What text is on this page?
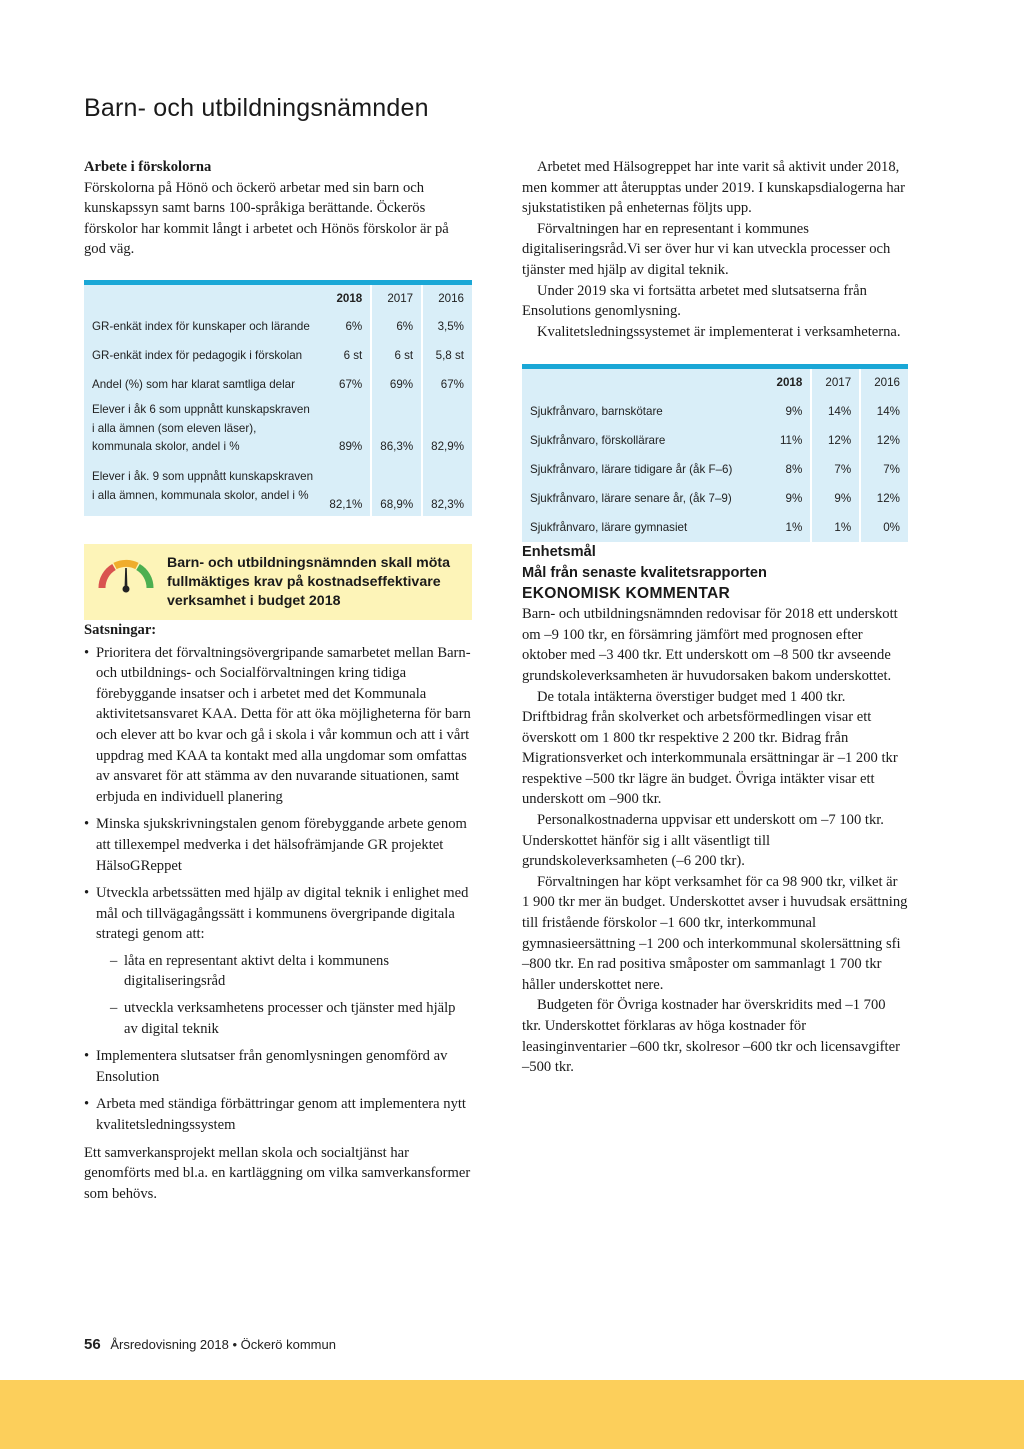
Barn- och utbildningsnämnden

Arbete i förskolorna

Förskolorna på Hönö och öckerö arbetar med sin barn och kunskapssyn samt barns 100-språkiga berättande. Öckerös förskolor har kommit långt i arbetet och Hönös förskolor är på god väg.

	2018	2017	2016
GR-enkät index för kunskaper och lärande	6%	6%	3,5%
GR-enkät index för pedagogik i förskolan	6 st	6 st	5,8 st
Andel (%) som har klarat samtliga delar	67%	69%	67%
Elever i åk 6 som uppnått kunskapskraven i alla ämnen (som eleven läser), kommunala skolor, andel i %	89%	86,3%	82,9%
Elever i åk. 9 som uppnått kunskapskraven i alla ämnen, kommunala skolor, andel i %	82,1%	68,9%	82,3%
Barn- och utbildningsnämnden skall möta fullmäktiges krav på kostnadseffektivare verksamhet i budget 2018

Satsningar:

• Prioritera det förvaltningsövergripande samarbetet mellan Barn- och utbildnings- och Socialförvaltningen kring tidiga förebyggande insatser och i arbetet med det Kommunala aktivitetsansvaret KAA. Detta för att öka möjligheterna för barn och elever att bo kvar och gå i skola i vår kommun och att i vårt uppdrag med KAA ta kontakt med alla ungdomar som omfattas av ansvaret för att stämma av den nuvarande situationen, samt erbjuda en individuell planering
• Minska sjukskrivningstalen genom förebyggande arbete genom att tillexempel medverka i det hälsofrämjande GR projektet HälsoGReppet
• Utveckla arbetssätten med hjälp av digital teknik i enlighet med mål och tillvägagångssätt i kommunens övergripande digitala strategi genom att:
– låta en representant aktivt delta i kommunens digitaliseringsråd
– utveckla verksamhetens processer och tjänster med hjälp av digital teknik
• Implementera slutsatser från genomlysningen genomförd av Ensolution
• Arbeta med ständiga förbättringar genom att implementera nytt kvalitetsledningssystem

Ett samverkansprojekt mellan skola och socialtjänst har genomförts med bl.a. en kartläggning om vilka samverkansformer som behövs.

Arbetet med Hälsogreppet har inte varit så aktivit under 2018, men kommer att återupptas under 2019. I kunskapsdialogerna har sjukstatistiken på enheternas följts upp.

Förvaltningen har en representant i kommunes digitaliseringsråd.Vi ser över hur vi kan utveckla processer och tjänster med hjälp av digital teknik.

Under 2019 ska vi fortsätta arbetet med slutsatserna från Ensolutions genomlysning.

Kvalitetsledningssystemet är implementerat i verksamheterna.

	2018	2017	2016
Sjukfrånvaro, barnskötare	9%	14%	14%
Sjukfrånvaro, förskollärare	11%	12%	12%
Sjukfrånvaro, lärare tidigare år (åk F–6)	8%	7%	7%
Sjukfrånvaro, lärare senare år, (åk 7–9)	9%	9%	12%
Sjukfrånvaro, lärare gymnasiet	1%	1%	0%

Enhetsmål

Mål från senaste kvalitetsrapporten

EKONOMISK KOMMENTAR

Barn- och utbildningsnämnden redovisar för 2018 ett underskott om –9 100 tkr, en försämring jämfört med prognosen efter oktober med –3 400 tkr. Ett underskott om –8 500 tkr avseende grundskoleverksamheten är huvudorsaken bakom underskottet.

De totala intäkterna överstiger budget med 1 400 tkr. Driftbidrag från skolverket och arbetsförmedlingen visar ett överskott om 1 800 tkr respektive 2 200 tkr. Bidrag från Migrationsverket och interkommunala ersättningar är –1 200 tkr respektive –500 tkr lägre än budget. Övriga intäkter visar ett underskott om –900 tkr.

Personalkostnaderna uppvisar ett underskott om –7 100 tkr. Underskottet hänför sig i allt väsentligt till grundskoleverksamheten (–6 200 tkr).

Förvaltningen har köpt verksamhet för ca 98 900 tkr, vilket är 1 900 tkr mer än budget. Underskottet avser i huvudsak ersättning till fristående förskolor –1 600 tkr, interkommunal gymnasieersättning –1 200 och interkommunal skolersättning sfi –800 tkr. En rad positiva småposter om sammanlagt 1 700 tkr håller underskottet nere.

Budgeten för Övriga kostnader har överskridits med –1 700 tkr. Underskottet förklaras av höga kostnader för leasinginventarier –600 tkr, skolresor –600 tkr och licensavgifter –500 tkr.

56 Årsredovisning 2018 • Öckerö kommun
